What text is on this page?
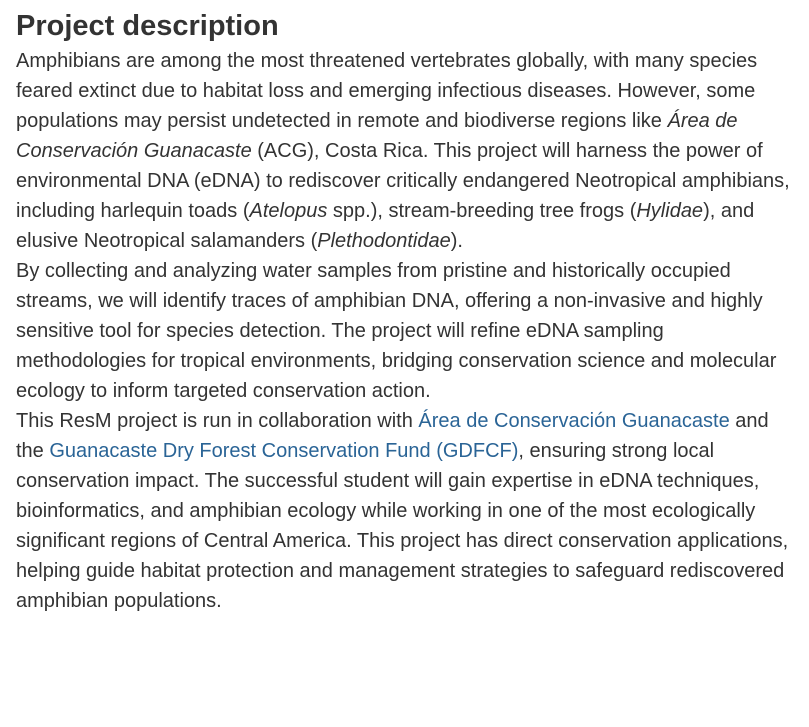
Project description

Amphibians are among the most threatened vertebrates globally, with many species feared extinct due to habitat loss and emerging infectious diseases. However, some populations may persist undetected in remote and biodiverse regions like Área de Conservación Guanacaste (ACG), Costa Rica. This project will harness the power of environmental DNA (eDNA) to rediscover critically endangered Neotropical amphibians, including harlequin toads (Atelopus spp.), stream-breeding tree frogs (Hylidae), and elusive Neotropical salamanders (Plethodontidae).

By collecting and analyzing water samples from pristine and historically occupied streams, we will identify traces of amphibian DNA, offering a non-invasive and highly sensitive tool for species detection. The project will refine eDNA sampling methodologies for tropical environments, bridging conservation science and molecular ecology to inform targeted conservation action.

This ResM project is run in collaboration with Área de Conservación Guanacaste and the Guanacaste Dry Forest Conservation Fund (GDFCF), ensuring strong local conservation impact. The successful student will gain expertise in eDNA techniques, bioinformatics, and amphibian ecology while working in one of the most ecologically significant regions of Central America. This project has direct conservation applications, helping guide habitat protection and management strategies to safeguard rediscovered amphibian populations.
